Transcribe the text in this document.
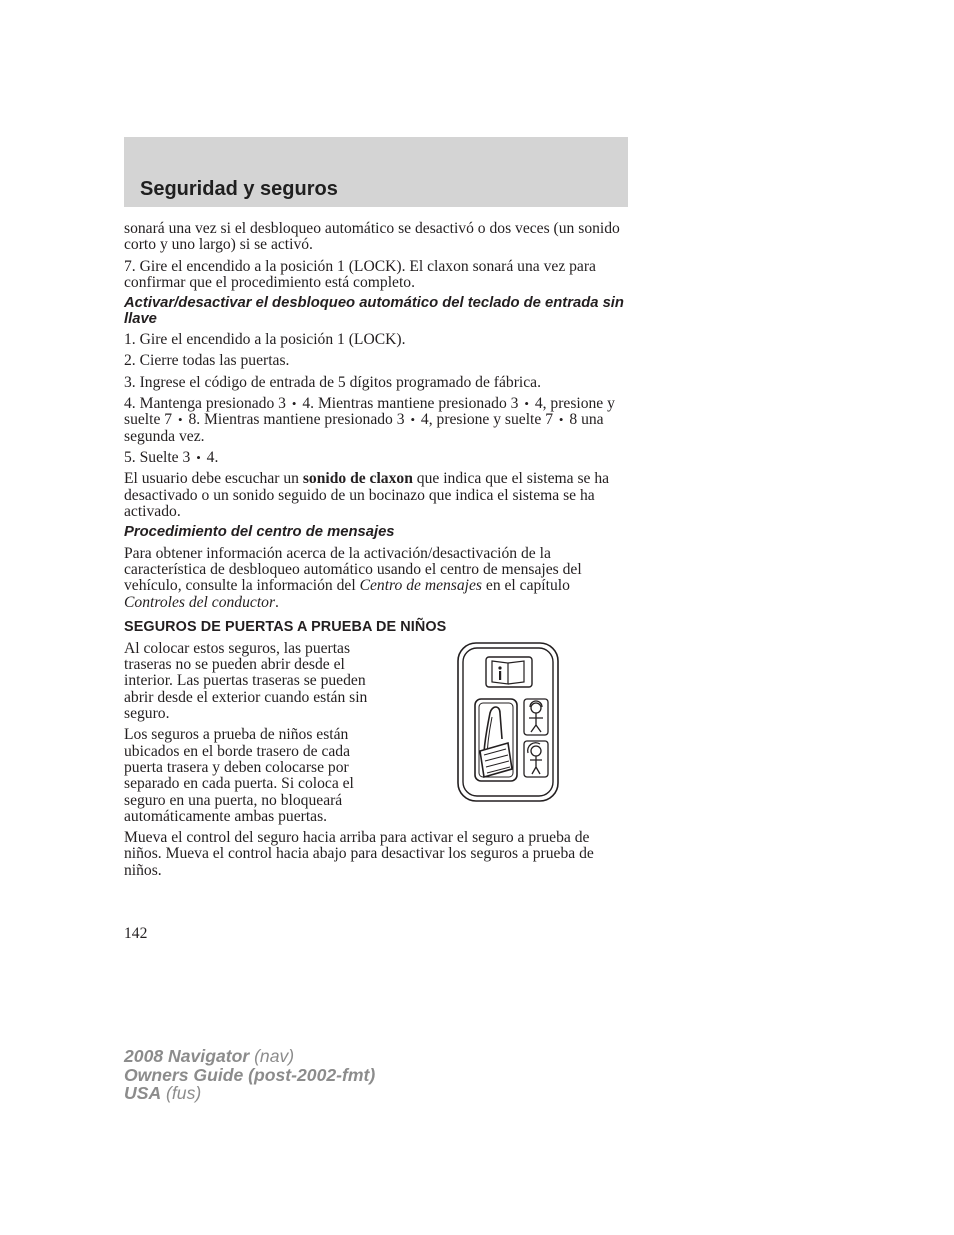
Seguridad y seguros

sonará una vez si el desbloqueo automático se desactivó o dos veces (un sonido corto y uno largo) si se activó.

7. Gire el encendido a la posición 1 (LOCK). El claxon sonará una vez para confirmar que el procedimiento está completo.

Activar/desactivar el desbloqueo automático del teclado de entrada sin llave

1. Gire el encendido a la posición 1 (LOCK).

2. Cierre todas las puertas.

3. Ingrese el código de entrada de 5 dígitos programado de fábrica.

4. Mantenga presionado 3 • 4. Mientras mantiene presionado 3 • 4, presione y suelte 7 • 8. Mientras mantiene presionado 3 • 4, presione y suelte 7 • 8 una segunda vez.

5. Suelte 3 • 4.

El usuario debe escuchar un sonido de claxon que indica que el sistema se ha desactivado o un sonido seguido de un bocinazo que indica el sistema se ha activado.

Procedimiento del centro de mensajes

Para obtener información acerca de la activación/desactivación de la característica de desbloqueo automático usando el centro de mensajes del vehículo, consulte la información del Centro de mensajes en el capítulo Controles del conductor.

SEGUROS DE PUERTAS A PRUEBA DE NIÑOS

Al colocar estos seguros, las puertas traseras no se pueden abrir desde el interior. Las puertas traseras se pueden abrir desde el exterior cuando están sin seguro.

Los seguros a prueba de niños están ubicados en el borde trasero de cada puerta trasera y deben colocarse por separado en cada puerta. Si coloca el seguro en una puerta, no bloqueará automáticamente ambas puertas.

Mueva el control del seguro hacia arriba para activar el seguro a prueba de niños. Mueva el control hacia abajo para desactivar los seguros a prueba de niños.

142
2008 Navigator (nav)
Owners Guide (post-2002-fmt)
USA (fus)
